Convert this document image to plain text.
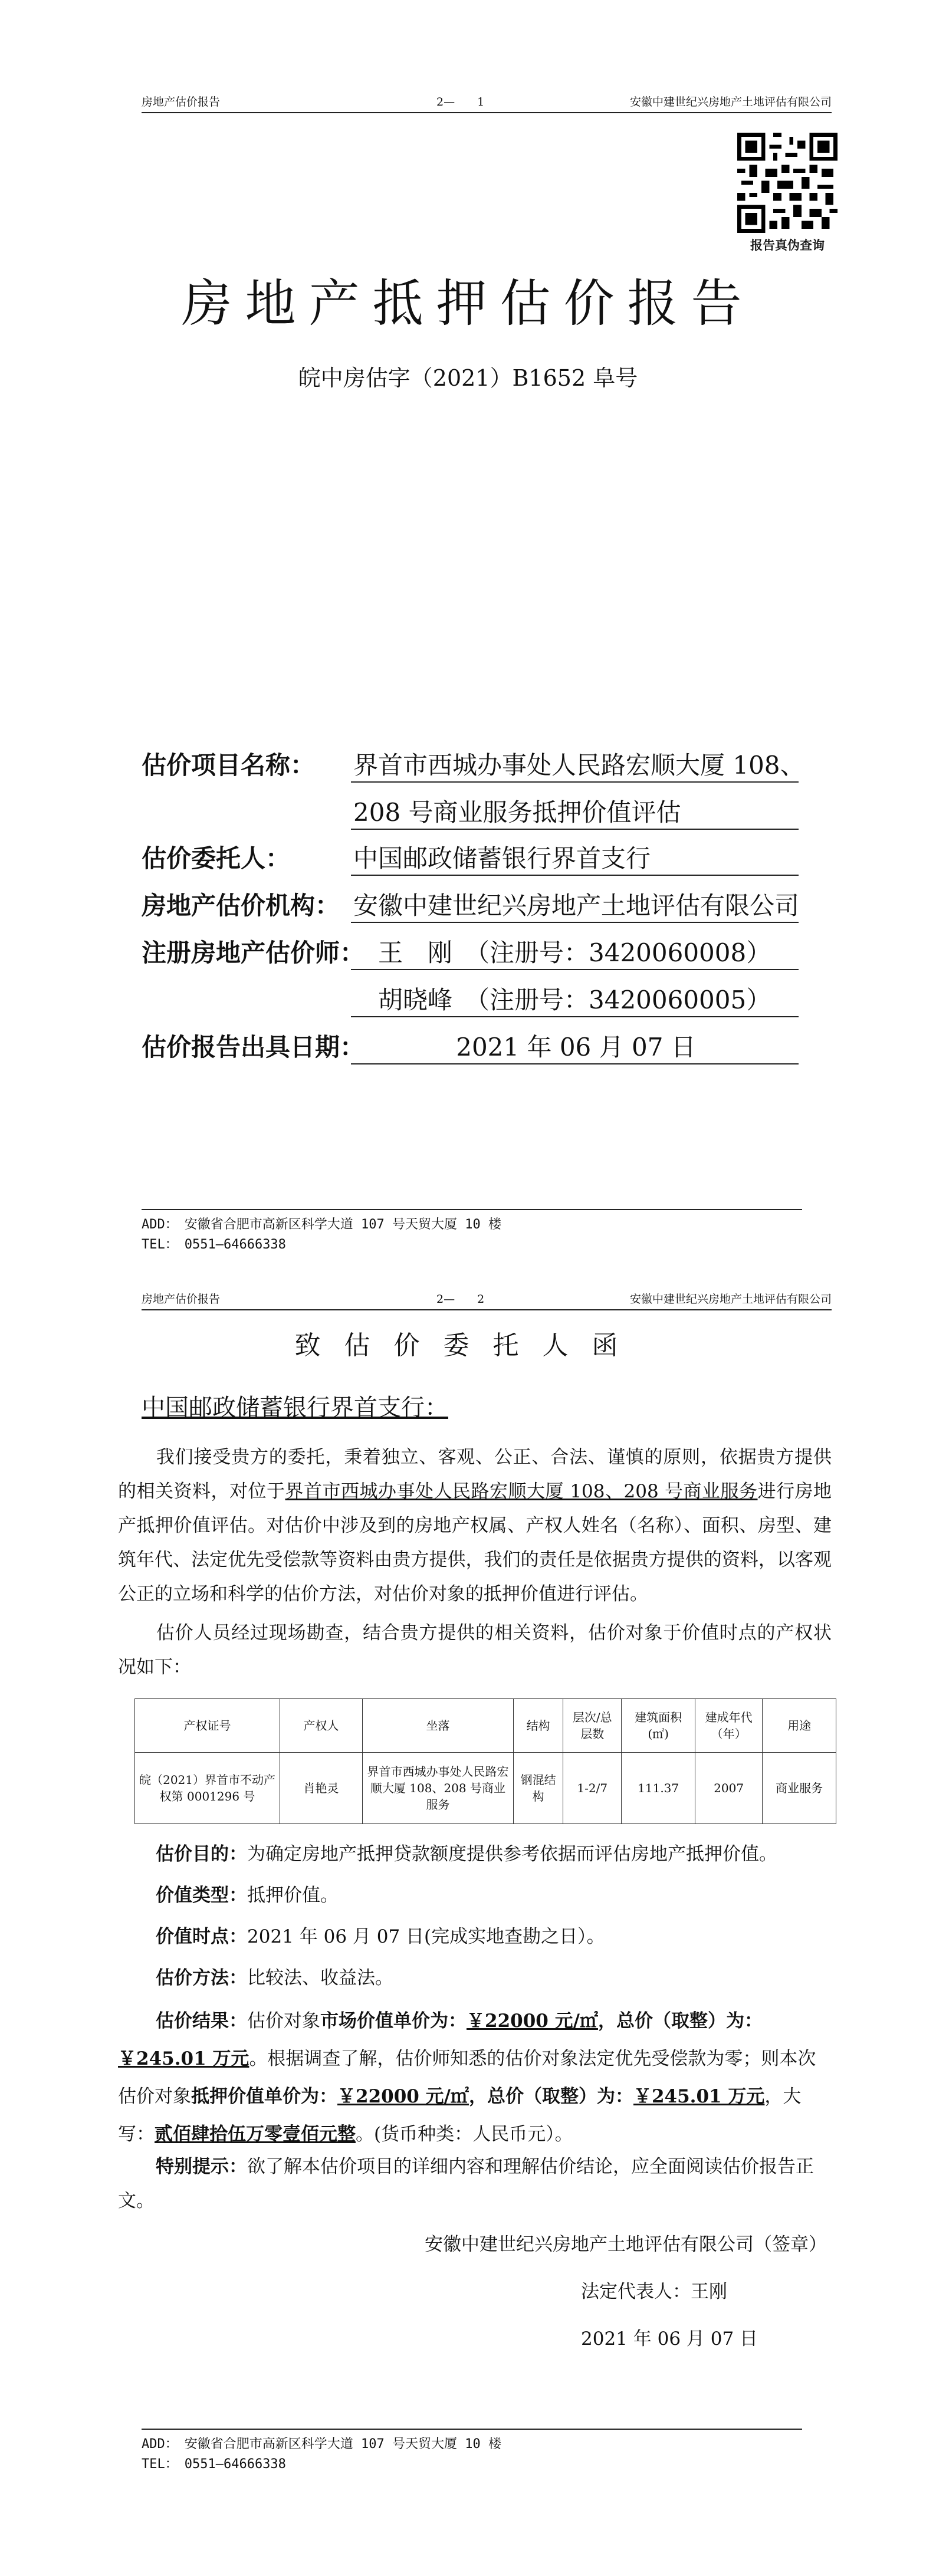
房地产估价报告	2—　　1	安徽中建世纪兴房地产土地评估有限公司
报告真伪查询
房地产抵押估价报告
皖中房估字（2021）B1652 阜号
估价项目名称： 界首市西城办事处人民路宏顺大厦 108、
208 号商业服务抵押价值评估
估价委托人：	中国邮政储蓄银行界首支行
房地产估价机构： 安徽中建世纪兴房地产土地评估有限公司
注册房地产估价师：
　王　刚　（注册号：3420060008）
　胡晓峰　（注册号：3420060005）
估价报告出具日期：	2021 年 06 月 07 日
ADD：　安徽省合肥市高新区科学大道 107 号天贸大厦 10 楼
TEL：　0551—64666338
房地产估价报告	2—　　2	安徽中建世纪兴房地产土地评估有限公司
致估价委托人函
中国邮政储蓄银行界首支行：
我们接受贵方的委托，秉着独立、客观、公正、合法、谨慎的原则，依据贵方提供的相关资料，对位于界首市西城办事处人民路宏顺大厦 108、208 号商业服务进行房地产抵押价值评估。对估价中涉及到的房地产权属、产权人姓名（名称）、面积、房型、建筑年代、法定优先受偿款等资料由贵方提供，我们的责任是依据贵方提供的资料，以客观公正的立场和科学的估价方法，对估价对象的抵押价值进行评估。
估价人员经过现场勘查，结合贵方提供的相关资料，估价对象于价值时点的产权状况如下：
产权证号	产权人	坐落	结构	层次/总层数	建筑面积(㎡)	建成年代（年）	用途
皖（2021）界首市不动产权第 0001296 号	肖艳灵	界首市西城办事处人民路宏顺大厦 108、208 号商业服务	钢混结构	1-2/7	111.37	2007	商业服务
估价目的：为确定房地产抵押贷款额度提供参考依据而评估房地产抵押价值。
价值类型：抵押价值。
价值时点：2021 年 06 月 07 日(完成实地查勘之日）。
估价方法：比较法、收益法。
估价结果：估价对象市场价值单价为：￥22000 元/㎡，总价（取整）为：￥245.01 万元。根据调查了解，估价师知悉的估价对象法定优先受偿款为零；则本次估价对象抵押价值单价为：￥22000 元/㎡，总价（取整）为：￥245.01 万元，大写：贰佰肆拾伍万零壹佰元整。(货币种类：人民币元）。
特别提示：欲了解本估价项目的详细内容和理解估价结论，应全面阅读估价报告正文。
安徽中建世纪兴房地产土地评估有限公司（签章）
法定代表人：王刚
2021 年 06 月 07 日
ADD：　安徽省合肥市高新区科学大道 107 号天贸大厦 10 楼
TEL：　0551—64666338
